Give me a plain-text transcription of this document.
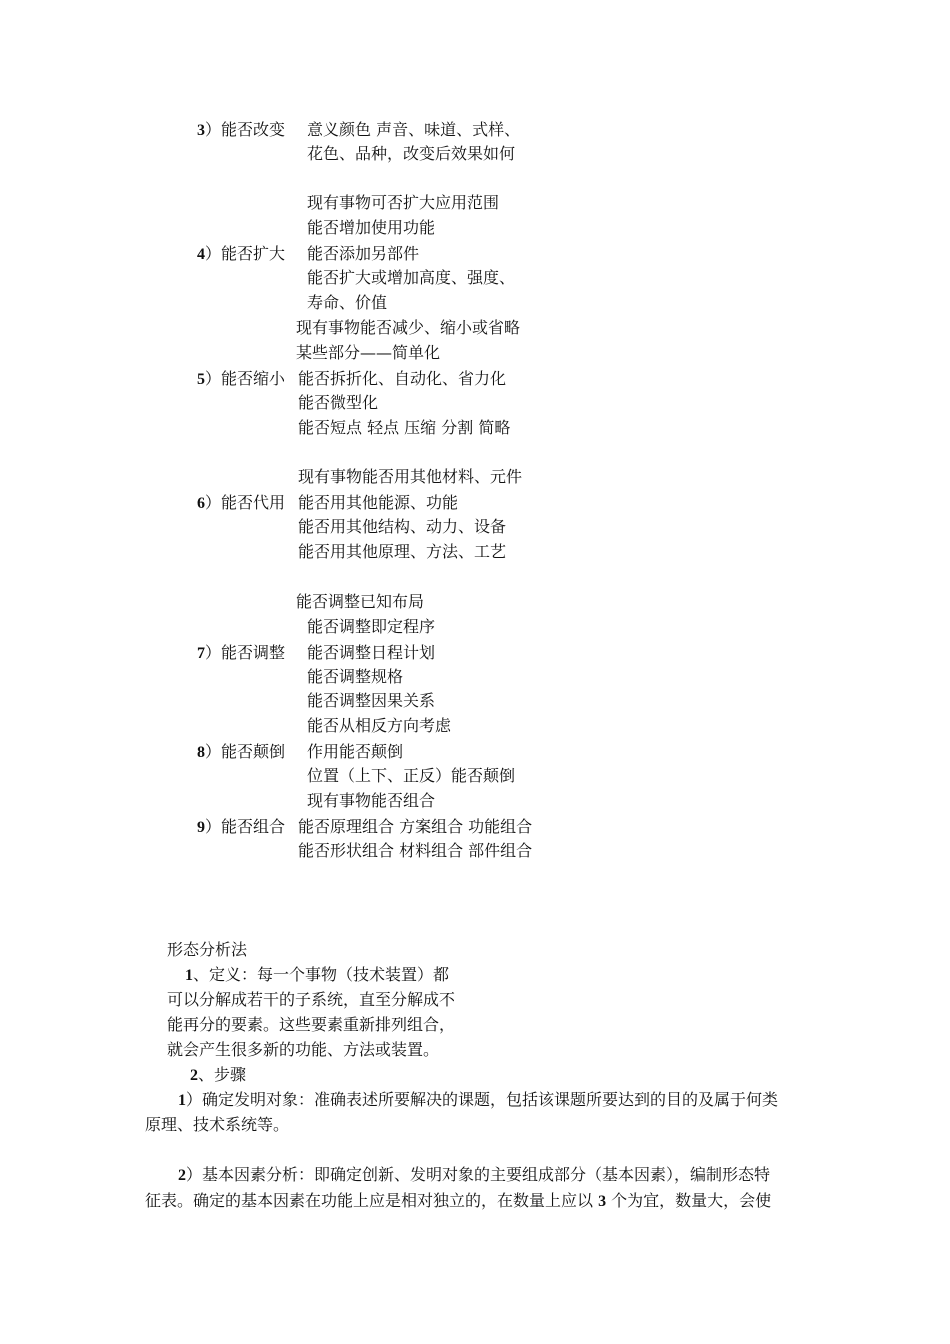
3）能否改变 意义颜色 声音、味道、式样、
花色、品种，改变后效果如何
现有事物可否扩大应用范围
能否增加使用功能
4）能否扩大 能否添加另部件
能否扩大或增加高度、强度、
寿命、价值
现有事物能否减少、缩小或省略
某些部分——简单化
5）能否缩小 能否拆折化、自动化、省力化
能否微型化
能否短点 轻点 压缩 分割 简略
现有事物能否用其他材料、元件
6）能否代用 能否用其他能源、功能
能否用其他结构、动力、设备
能否用其他原理、方法、工艺
能否调整已知布局
能否调整即定程序
7）能否调整 能否调整日程计划
能否调整规格
能否调整因果关系
能否从相反方向考虑
8）能否颠倒 作用能否颠倒
位置（上下、正反）能否颠倒
现有事物能否组合
9）能否组合 能否原理组合 方案组合 功能组合
能否形状组合 材料组合 部件组合
形态分析法
1、定义：每一个事物（技术装置）都
可以分解成若干的子系统，直至分解成不
能再分的要素。这些要素重新排列组合，
就会产生很多新的功能、方法或装置。
2、步骤
1）确定发明对象：准确表述所要解决的课题，包括该课题所要达到的目的及属于何类
原理、技术系统等。
2）基本因素分析：即确定创新、发明对象的主要组成部分（基本因素），编制形态特
征表。确定的基本因素在功能上应是相对独立的，在数量上应以 3 个为宜，数量大，会使
